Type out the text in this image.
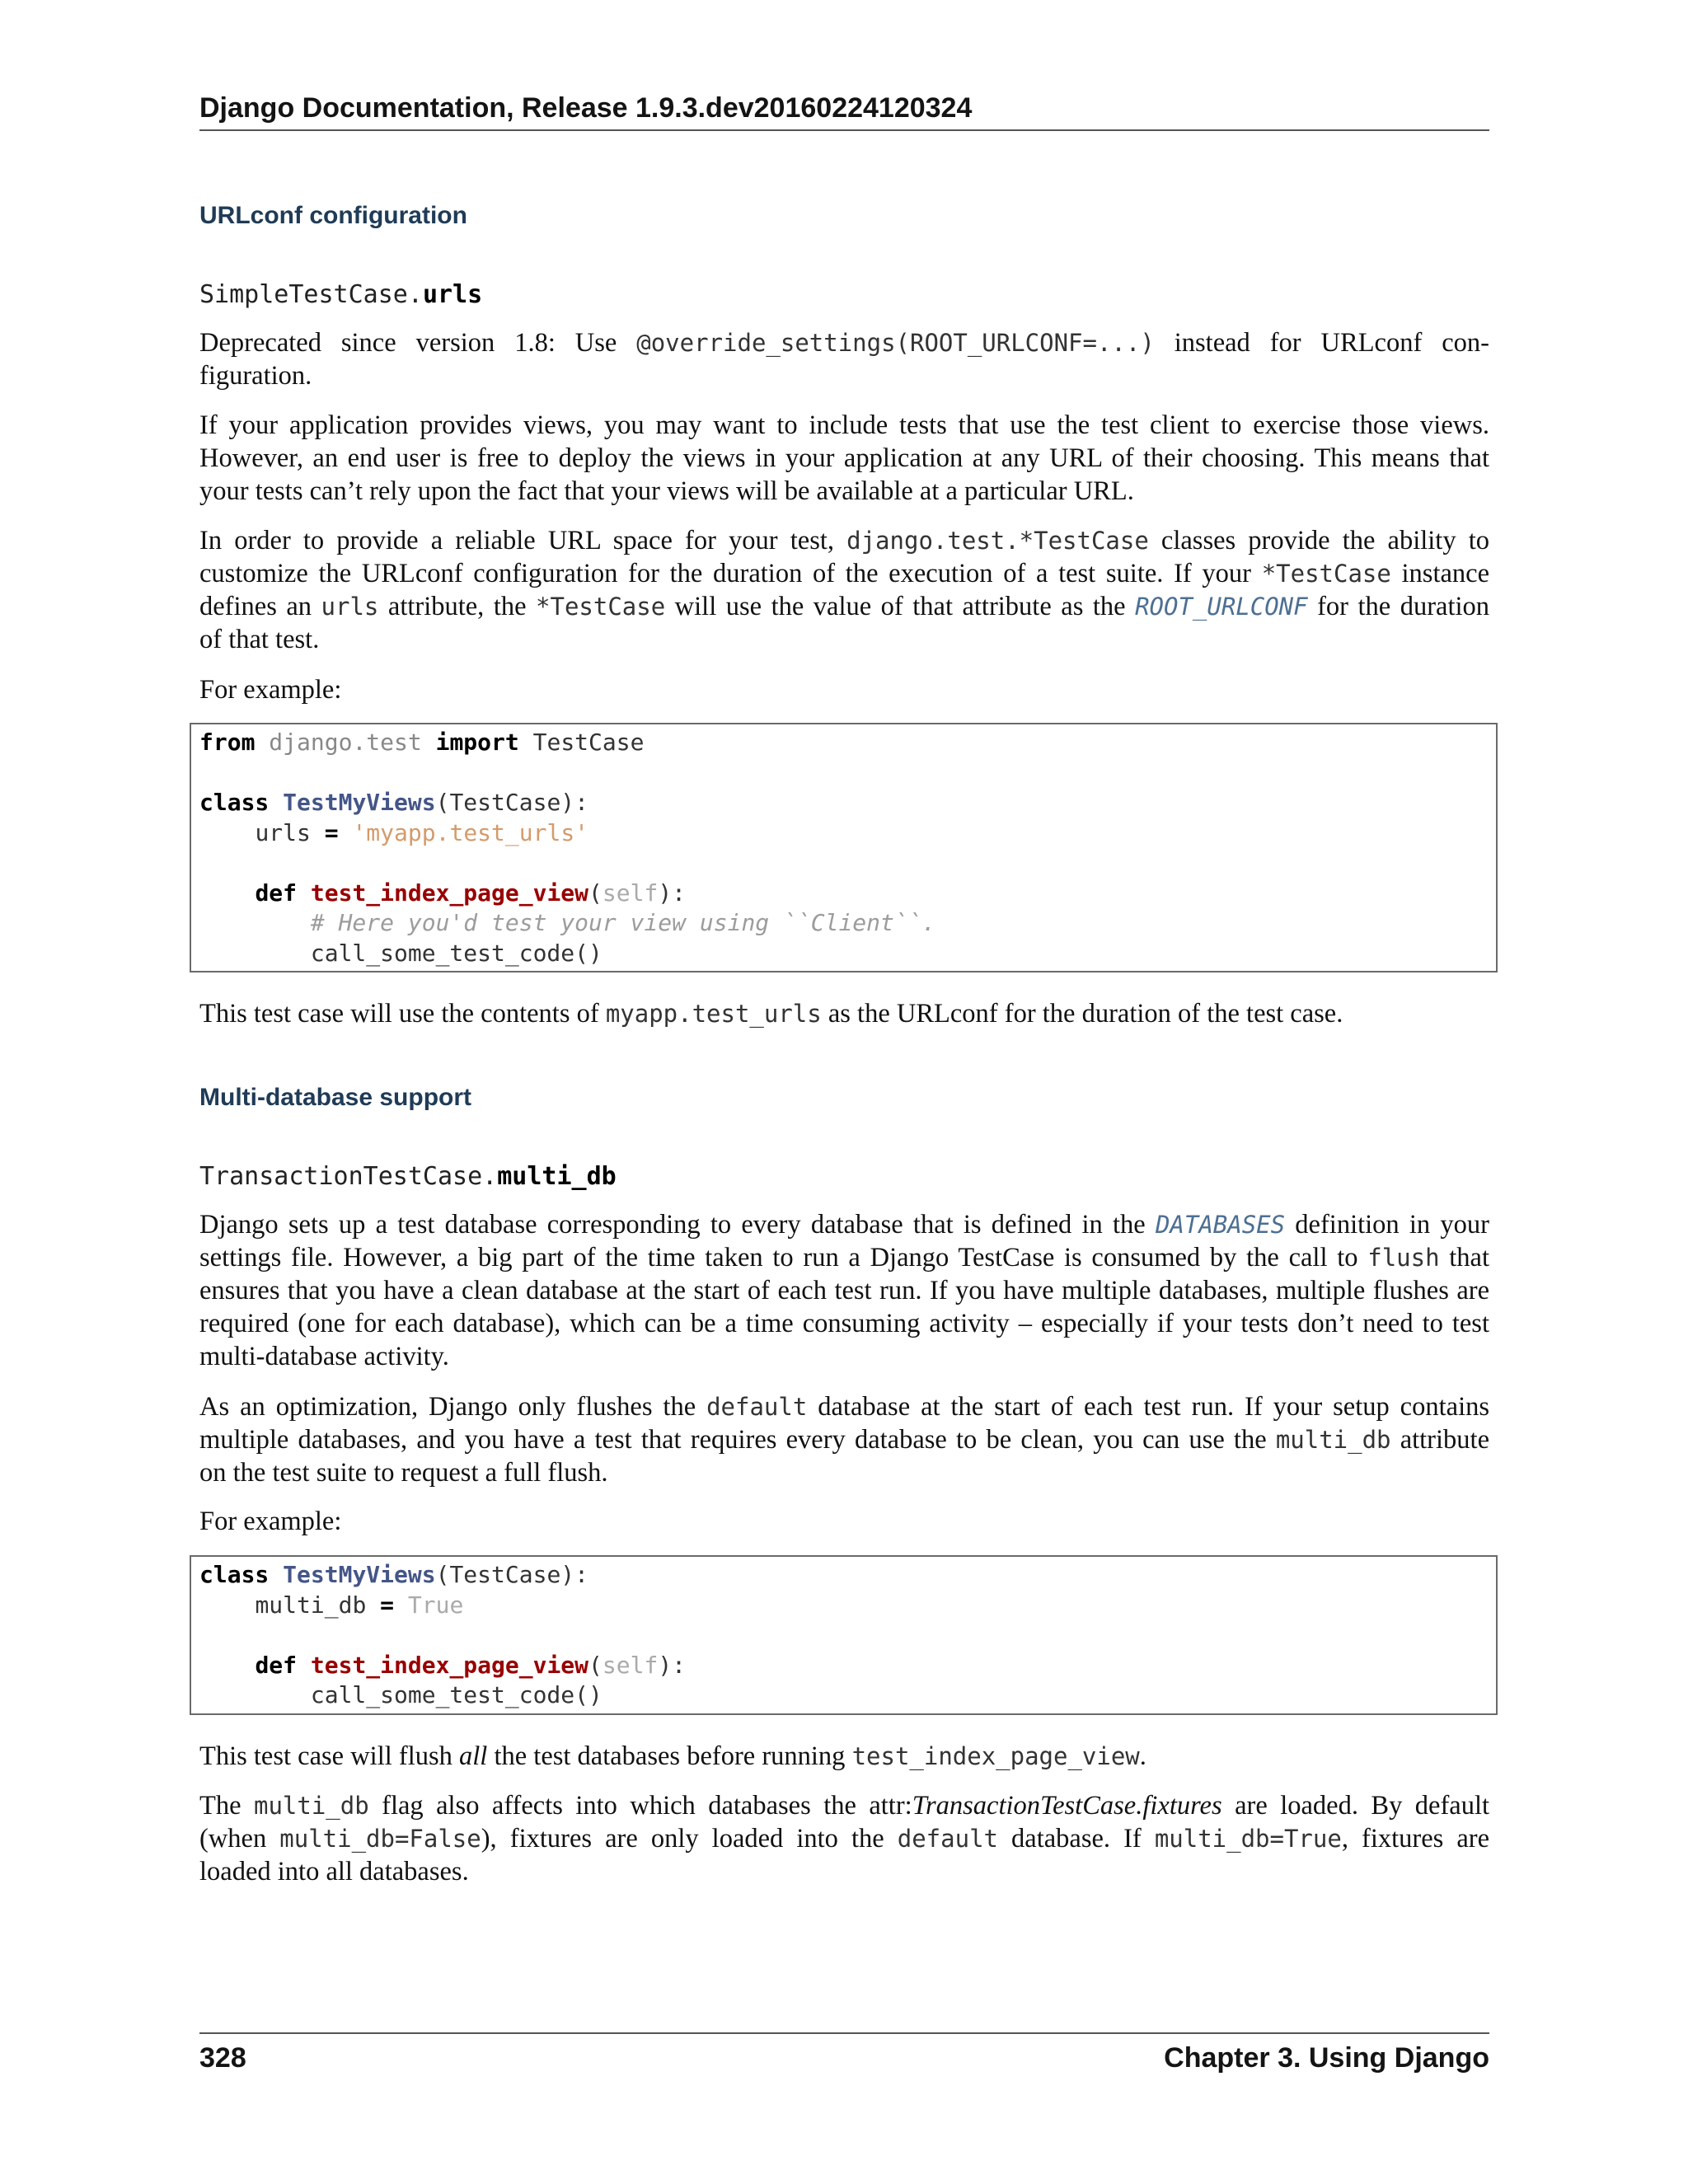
Django Documentation, Release 1.9.3.dev20160224120324
URLconf configuration
SimpleTestCase.urls
Deprecated since version 1.8: Use @override_settings(ROOT_URLCONF=...) instead for URLconf con-
figuration.
If your application provides views, you may want to include tests that use the test client to exercise those views.
However, an end user is free to deploy the views in your application at any URL of their choosing. This means that
your tests can’t rely upon the fact that your views will be available at a particular URL.
In order to provide a reliable URL space for your test, django.test.*TestCase classes provide the ability to
customize the URLconf configuration for the duration of the execution of a test suite. If your *TestCase instance
defines an urls attribute, the *TestCase will use the value of that attribute as the ROOT_URLCONF for the duration
of that test.
For example:
from django.test import TestCase

class TestMyViews(TestCase):
urls = 'myapp.test_urls'

def test_index_page_view(self):
# Here you'd test your view using ``Client``.
call_some_test_code()
This test case will use the contents of myapp.test_urls as the URLconf for the duration of the test case.
Multi-database support
TransactionTestCase.multi_db
Django sets up a test database corresponding to every database that is defined in the DATABASES definition in your
settings file. However, a big part of the time taken to run a Django TestCase is consumed by the call to flush that
ensures that you have a clean database at the start of each test run. If you have multiple databases, multiple flushes are
required (one for each database), which can be a time consuming activity – especially if your tests don’t need to test
multi-database activity.
As an optimization, Django only flushes the default database at the start of each test run. If your setup contains
multiple databases, and you have a test that requires every database to be clean, you can use the multi_db attribute
on the test suite to request a full flush.
For example:
class TestMyViews(TestCase):
multi_db = True

def test_index_page_view(self):
call_some_test_code()
This test case will flush all the test databases before running test_index_page_view.
The multi_db flag also affects into which databases the attr:TransactionTestCase.fixtures are loaded. By default
(when multi_db=False), fixtures are only loaded into the default database. If multi_db=True, fixtures are
loaded into all databases.
328	Chapter 3. Using Django
